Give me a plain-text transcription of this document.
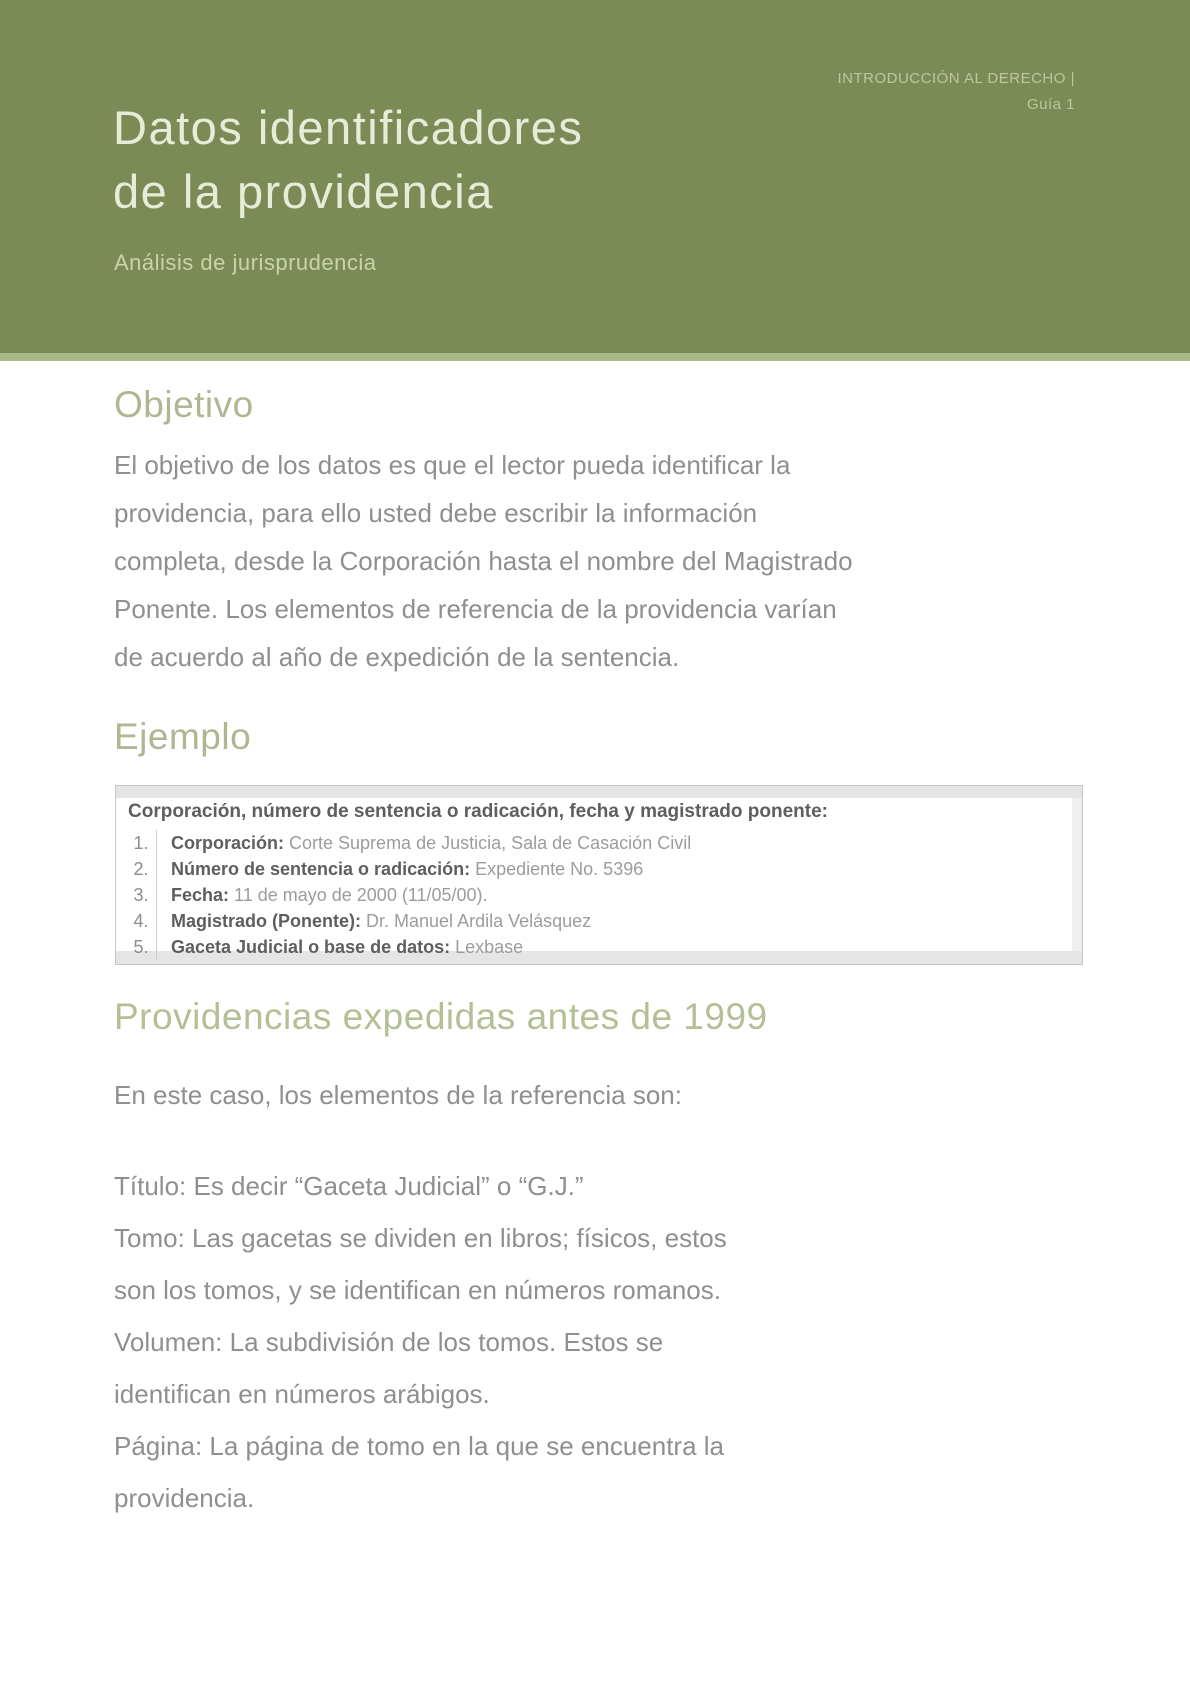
INTRODUCCIÓN AL DERECHO |
Guía 1
Datos identificadores
de la providencia
Análisis de jurisprudencia
Objetivo
El objetivo de los datos es que el lector pueda identificar la
providencia, para ello usted debe escribir la información
completa, desde la Corporación hasta el nombre del Magistrado
Ponente. Los elementos de referencia de la providencia varían
de acuerdo al año de expedición de la sentencia.
Ejemplo
Corporación, número de sentencia o radicación, fecha y magistrado ponente:
1.	Corporación: Corte Suprema de Justicia, Sala de Casación Civil
2.	Número de sentencia o radicación: Expediente No. 5396
3.	Fecha: 11 de mayo de 2000 (11/05/00).
4.	Magistrado (Ponente): Dr. Manuel Ardila Velásquez
5.	Gaceta Judicial o base de datos: Lexbase
Providencias expedidas antes de 1999
En este caso, los elementos de la referencia son:
Título: Es decir “Gaceta Judicial” o “G.J.”
Tomo: Las gacetas se dividen en libros; físicos, estos
son los tomos, y se identifican en números romanos.
Volumen: La subdivisión de los tomos. Estos se
identifican en números arábigos.
Página: La página de tomo en la que se encuentra la
providencia.
